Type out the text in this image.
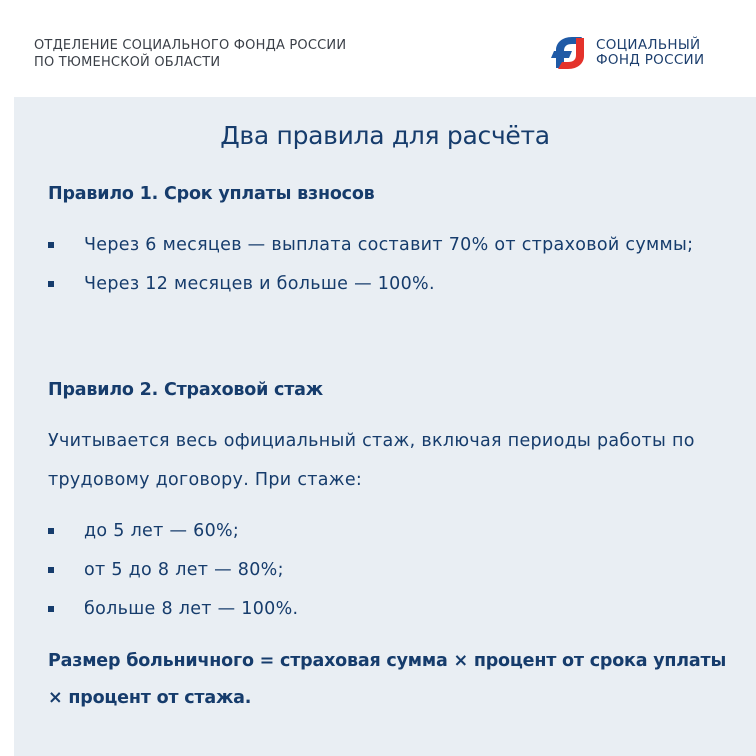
ОТДЕЛЕНИЕ СОЦИАЛЬНОГО ФОНДА РОССИИ
ПО ТЮМЕНСКОЙ ОБЛАСТИ
СОЦИАЛЬНЫЙ
ФОНД РОССИИ
Два правила для расчёта
Правило 1. Срок уплаты взносов
Через 6 месяцев — выплата составит 70% от страховой суммы;
Через 12 месяцев и больше — 100%.
Правило 2. Страховой стаж
Учитывается весь официальный стаж, включая периоды работы по трудовому договору. При стаже:
до 5 лет — 60%;
от 5 до 8 лет — 80%;
больше 8 лет — 100%.
Размер больничного = страховая сумма × процент от срока уплаты × процент от стажа.
